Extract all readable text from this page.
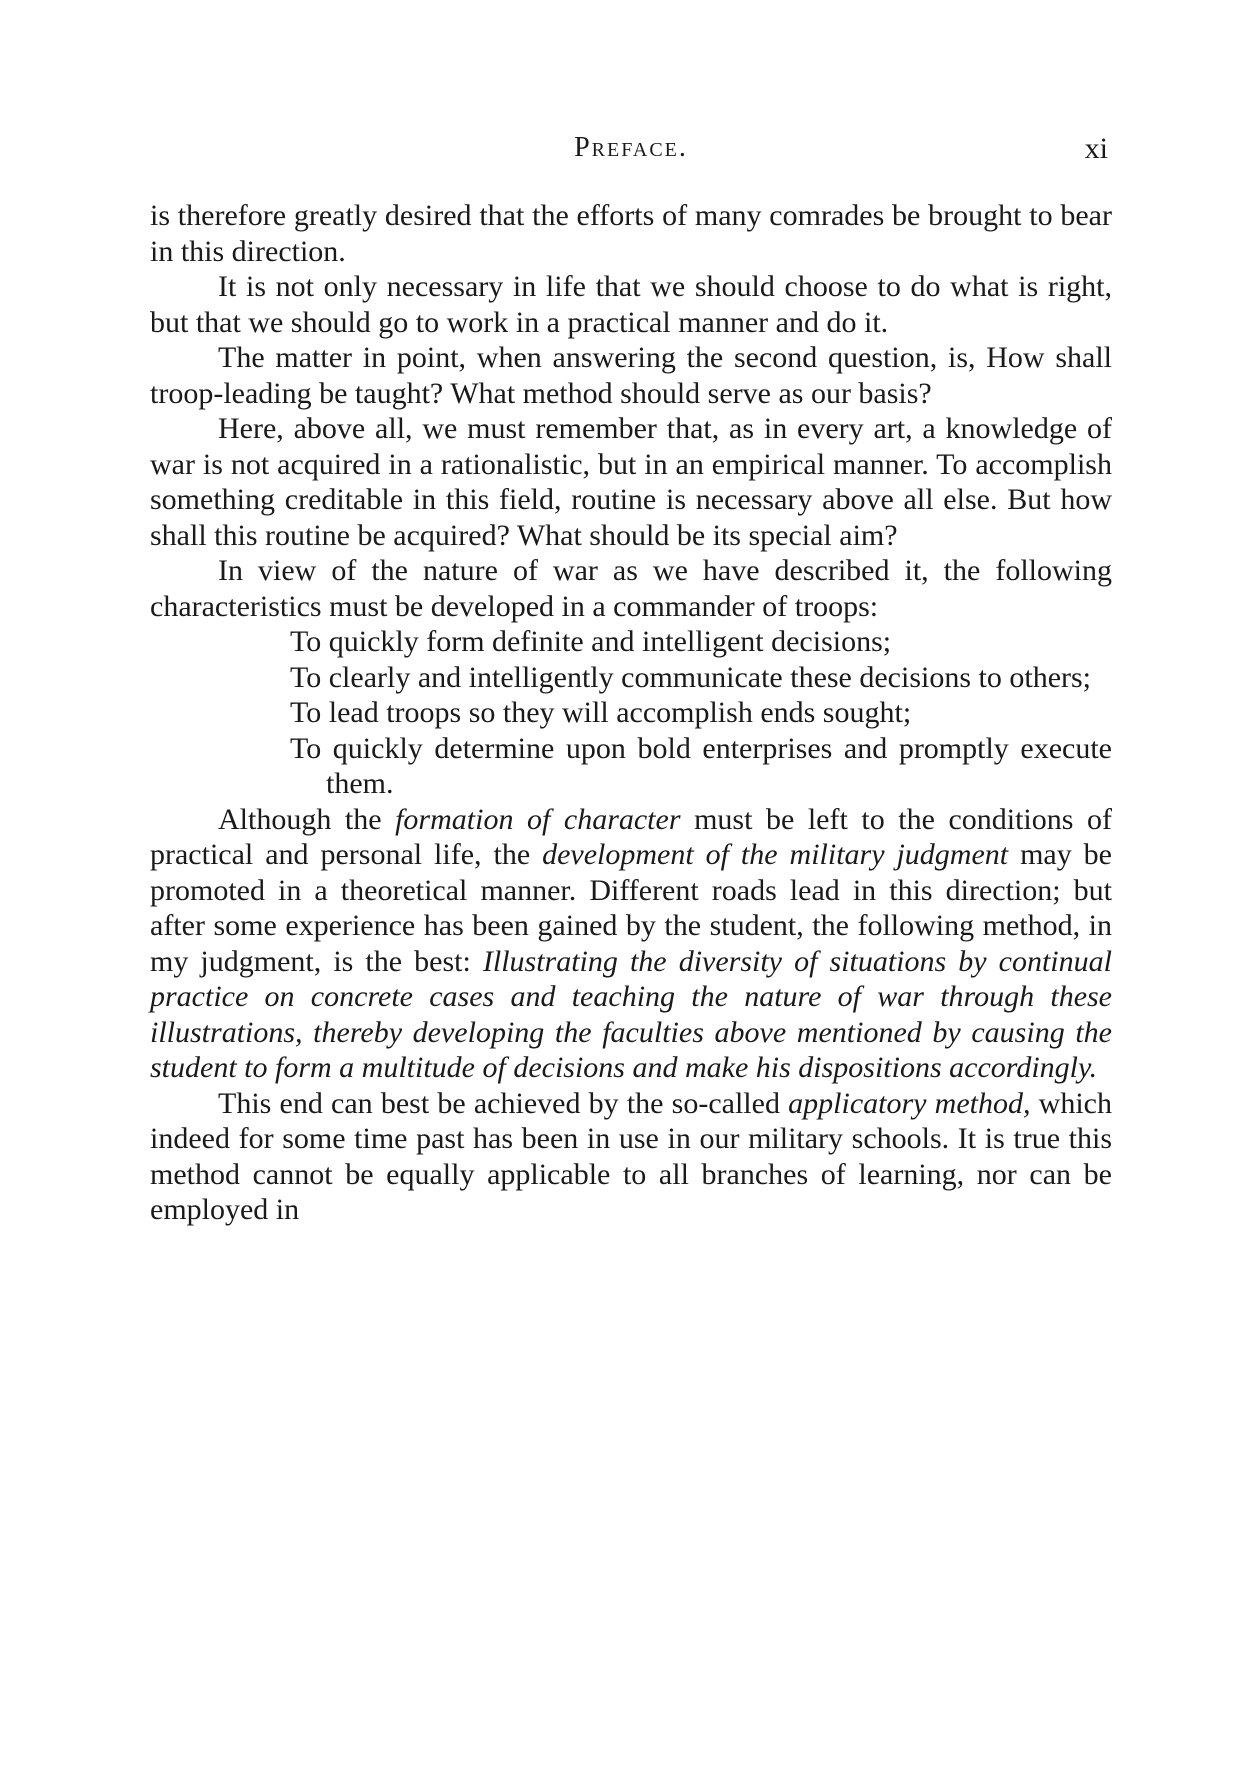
Preface.	xi

is therefore greatly desired that the efforts of many comrades be brought to bear in this direction.

It is not only necessary in life that we should choose to do what is right, but that we should go to work in a practical manner and do it.

The matter in point, when answering the second question, is, How shall troop-leading be taught? What method should serve as our basis?

Here, above all, we must remember that, as in every art, a knowledge of war is not acquired in a rationalistic, but in an empirical manner. To accomplish something creditable in this field, routine is necessary above all else. But how shall this routine be acquired? What should be its special aim?

In view of the nature of war as we have described it, the following characteristics must be developed in a commander of troops:

To quickly form definite and intelligent decisions;
To clearly and intelligently communicate these decisions to others;
To lead troops so they will accomplish ends sought;
To quickly determine upon bold enterprises and promptly execute them.

Although the formation of character must be left to the conditions of practical and personal life, the development of the military judgment may be promoted in a theoretical manner. Different roads lead in this direction; but after some experience has been gained by the student, the following method, in my judgment, is the best: Illustrating the diversity of situations by continual practice on concrete cases and teaching the nature of war through these illustrations, thereby developing the faculties above mentioned by causing the student to form a multitude of decisions and make his dispositions accordingly.

This end can best be achieved by the so-called applicatory method, which indeed for some time past has been in use in our military schools. It is true this method cannot be equally applicable to all branches of learning, nor can be employed in
